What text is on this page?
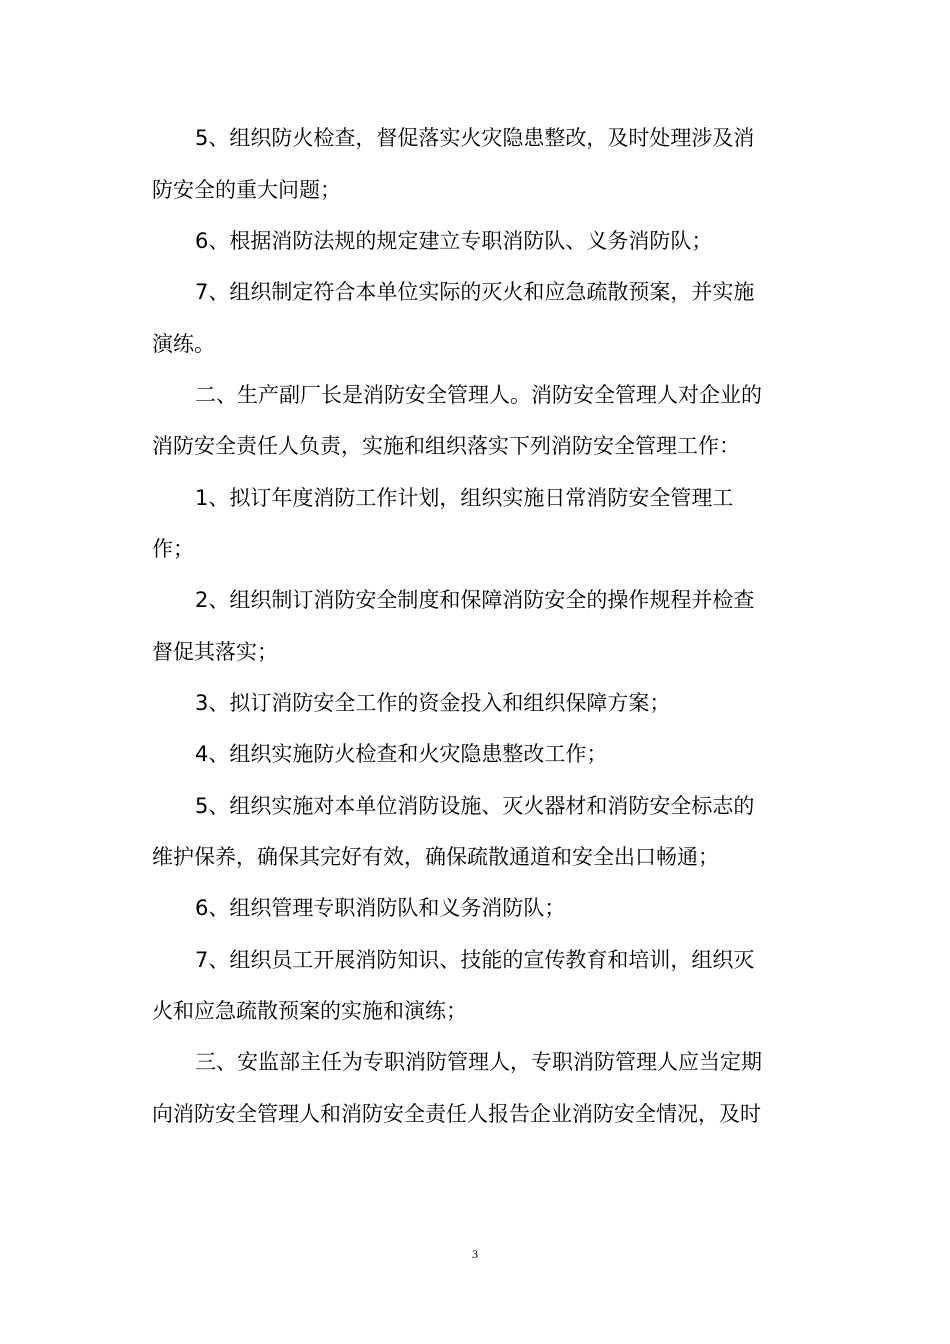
5、组织防火检查，督促落实火灾隐患整改，及时处理涉及消
防安全的重大问题；
6、根据消防法规的规定建立专职消防队、义务消防队；
7、组织制定符合本单位实际的灭火和应急疏散预案，并实施
演练。
二、生产副厂长是消防安全管理人。消防安全管理人对企业的
消防安全责任人负责，实施和组织落实下列消防安全管理工作：
1、拟订年度消防工作计划，组织实施日常消防安全管理工
作；
2、组织制订消防安全制度和保障消防安全的操作规程并检查
督促其落实；
3、拟订消防安全工作的资金投入和组织保障方案；
4、组织实施防火检查和火灾隐患整改工作；
5、组织实施对本单位消防设施、灭火器材和消防安全标志的
维护保养，确保其完好有效，确保疏散通道和安全出口畅通；
6、组织管理专职消防队和义务消防队；
7、组织员工开展消防知识、技能的宣传教育和培训，组织灭
火和应急疏散预案的实施和演练；
三、安监部主任为专职消防管理人，专职消防管理人应当定期
向消防安全管理人和消防安全责任人报告企业消防安全情况，及时
3
